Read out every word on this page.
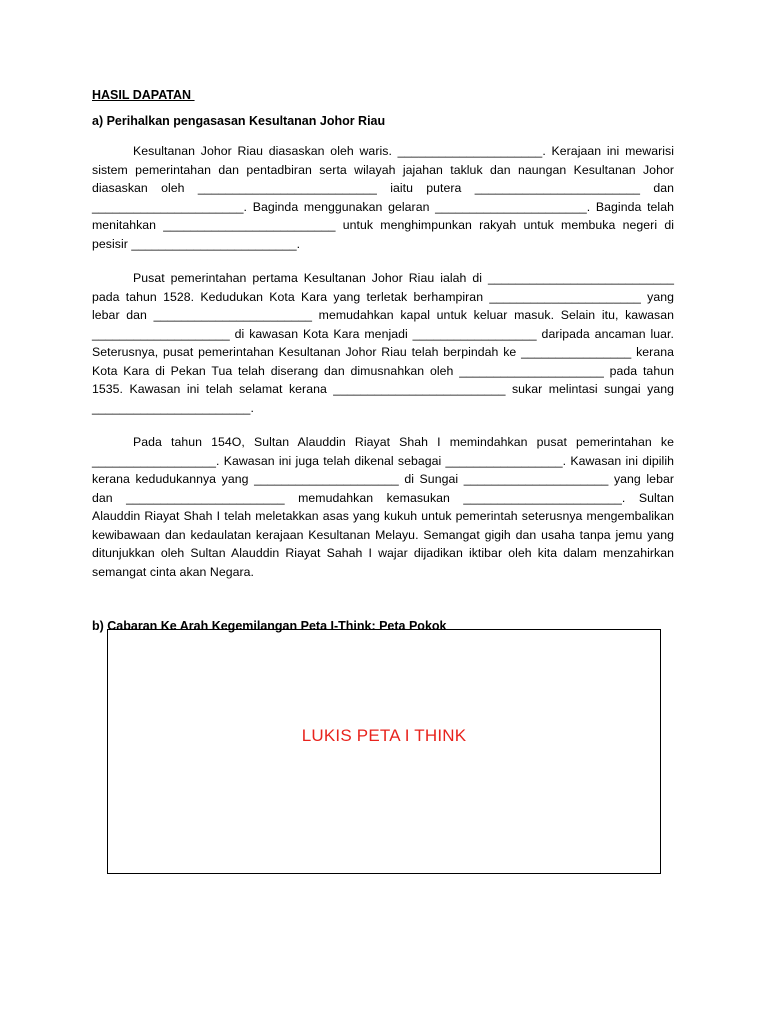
HASIL DAPATAN

a) Perihalkan pengasasan Kesultanan Johor Riau

Kesultanan Johor Riau diasaskan oleh waris. _____________________. Kerajaan ini mewarisi sistem pemerintahan dan pentadbiran serta wilayah jajahan takluk dan naungan Kesultanan Johor diasaskan oleh __________________________ iaitu putera ________________________ dan ______________________. Baginda menggunakan gelaran ______________________. Baginda telah menitahkan _________________________ untuk menghimpunkan rakyah untuk membuka negeri di pesisir ________________________.

Pusat pemerintahan pertama Kesultanan Johor Riau ialah di ___________________________ pada tahun 1528. Kedudukan Kota Kara yang terletak berhampiran ______________________ yang lebar dan _______________________ memudahkan kapal untuk keluar masuk. Selain itu, kawasan ____________________ di kawasan Kota Kara menjadi __________________ daripada ancaman luar. Seterusnya, pusat pemerintahan Kesultanan Johor Riau telah berpindah ke ________________ kerana Kota Kara di Pekan Tua telah diserang dan dimusnahkan oleh _____________________ pada tahun 1535. Kawasan ini telah selamat kerana _________________________ sukar melintasi sungai yang _______________________.

Pada tahun 154O, Sultan Alauddin Riayat Shah I memindahkan pusat pemerintahan ke __________________. Kawasan ini juga telah dikenal sebagai _________________. Kawasan ini dipilih kerana kedudukannya yang _____________________ di Sungai _____________________ yang lebar dan _______________________ memudahkan kemasukan _______________________. Sultan Alauddin Riayat Shah I telah meletakkan asas yang kukuh untuk pemerintah seterusnya mengembalikan kewibawaan dan kedaulatan kerajaan Kesultanan Melayu. Semangat gigih dan usaha tanpa jemu yang ditunjukkan oleh Sultan Alauddin Riayat Sahah I wajar dijadikan iktibar oleh kita dalam menzahirkan semangat cinta akan Negara.

b) Cabaran Ke Arah Kegemilangan Peta I-Think: Peta Pokok

LUKIS PETA I THINK
